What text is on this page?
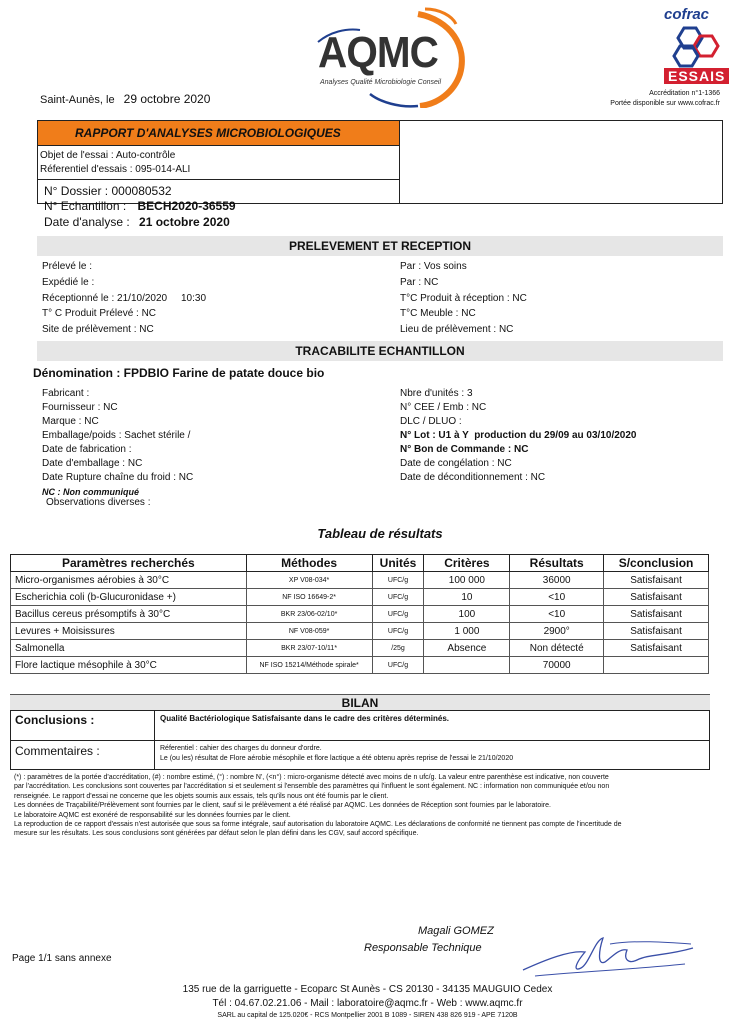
AQMC
Analyses Qualité Microbiologie Conseil
cofrac
ESSAIS
Saint-Aunès, le 29 octobre 2020	Accréditation n°1-1366
Portée disponible sur www.cofrac.fr
RAPPORT D'ANALYSES MICROBIOLOGIQUES
Objet de l'essai : Auto-contrôle
Réferentiel d'essais : 095-014-ALI
N° Dossier : 000080532
N° Echantillon : BECH2020-36559
Date d'analyse : 21 octobre 2020
PRELEVEMENT ET RECEPTION
Prélevé le :
Expédié le :
Réceptionné le : 21/10/2020     10:30
T° C Produit Prélevé : NC
Site de prélèvement : NC
Par : Vos soins
Par : NC
T°C Produit à réception : NC
T°C Meuble : NC
Lieu de prélèvement : NC
TRACABILITE ECHANTILLON
Dénomination : FPDBIO Farine de patate douce bio
Fabricant :
Fournisseur : NC
Marque : NC
Emballage/poids : Sachet stérile /
Date de fabrication :
Date d'emballage : NC
Date Rupture chaîne du froid : NC
Nbre d'unités : 3
N° CEE / Emb : NC
DLC / DLUO :
N° Lot : U1 à Y  production du 29/09 au 03/10/2020
N° Bon de Commande : NC
Date de congélation : NC
Date de déconditionnement : NC
NC : Non communiqué
Observations diverses :
Tableau de résultats
Paramètres recherchés	Méthodes	Unités	Critères	Résultats	S/conclusion
Micro-organismes aérobies à 30°C	XP V08-034*	UFC/g	100 000	36000	Satisfaisant
Escherichia coli (b-Glucuronidase +)	NF ISO 16649-2*	UFC/g	10	<10	Satisfaisant
Bacillus cereus présomptifs à 30°C	BKR 23/06-02/10*	UFC/g	100	<10	Satisfaisant
Levures + Moisissures	NF V08-059*	UFC/g	1 000	2900°	Satisfaisant
Salmonella	BKR 23/07-10/11*	/25g	Absence	Non détecté	Satisfaisant
Flore lactique mésophile à 30°C	NF ISO 15214/Méthode spirale*	UFC/g		70000	
BILAN
Conclusions :	Qualité Bactériologique Satisfaisante dans le cadre des critères déterminés.
Commentaires :	Réferentiel : cahier des charges du donneur d'ordre.
Le (ou les) résultat de Flore aérobie mésophile et flore lactique a été obtenu après reprise de l'essai le 21/10/2020

(*) : paramètres de la portée d'accréditation, (#) : nombre estimé, (°) : nombre N', (<n°) : micro-organisme détecté avec moins de n ufc/g. La valeur entre parenthèse est indicative, non couverte

par l'accréditation. Les conclusions sont couvertes par l'accréditation si et seulement si l'ensemble des paramètres qui l'influent le sont également. NC : information non communiquée et/ou non

renseignée. Le rapport d'essai ne concerne que les objets soumis aux essais, tels qu'ils nous ont été fournis par le client.

Les données de Traçabilité/Prélèvement sont fournies par le client, sauf si le prélèvement a été réalisé par AQMC. Les données de Réception sont fournies par le laboratoire.

Le laboratoire AQMC est exonéré de responsabilité sur les données fournies par le client.

La reproduction de ce rapport d'essais n'est autorisée que sous sa forme intégrale, sauf autorisation du laboratoire AQMC. Les déclarations de conformité ne tiennent pas compte de l'incertitude de

mesure sur les résultats. Les sous conclusions sont générées par défaut selon le plan défini dans les CGV, sauf accord spécifique.

Magali GOMEZ
Responsable Technique
Page 1/1 sans annexe
135 rue de la garriguette - Ecoparc St Aunès - CS 20130 - 34135 MAUGUIO Cedex
Tél : 04.67.02.21.06 - Mail : laboratoire@aqmc.fr - Web : www.aqmc.fr
SARL au capital de 125.020€ - RCS Montpellier 2001 B 1089 - SIREN 438 826 919 - APE 7120B
